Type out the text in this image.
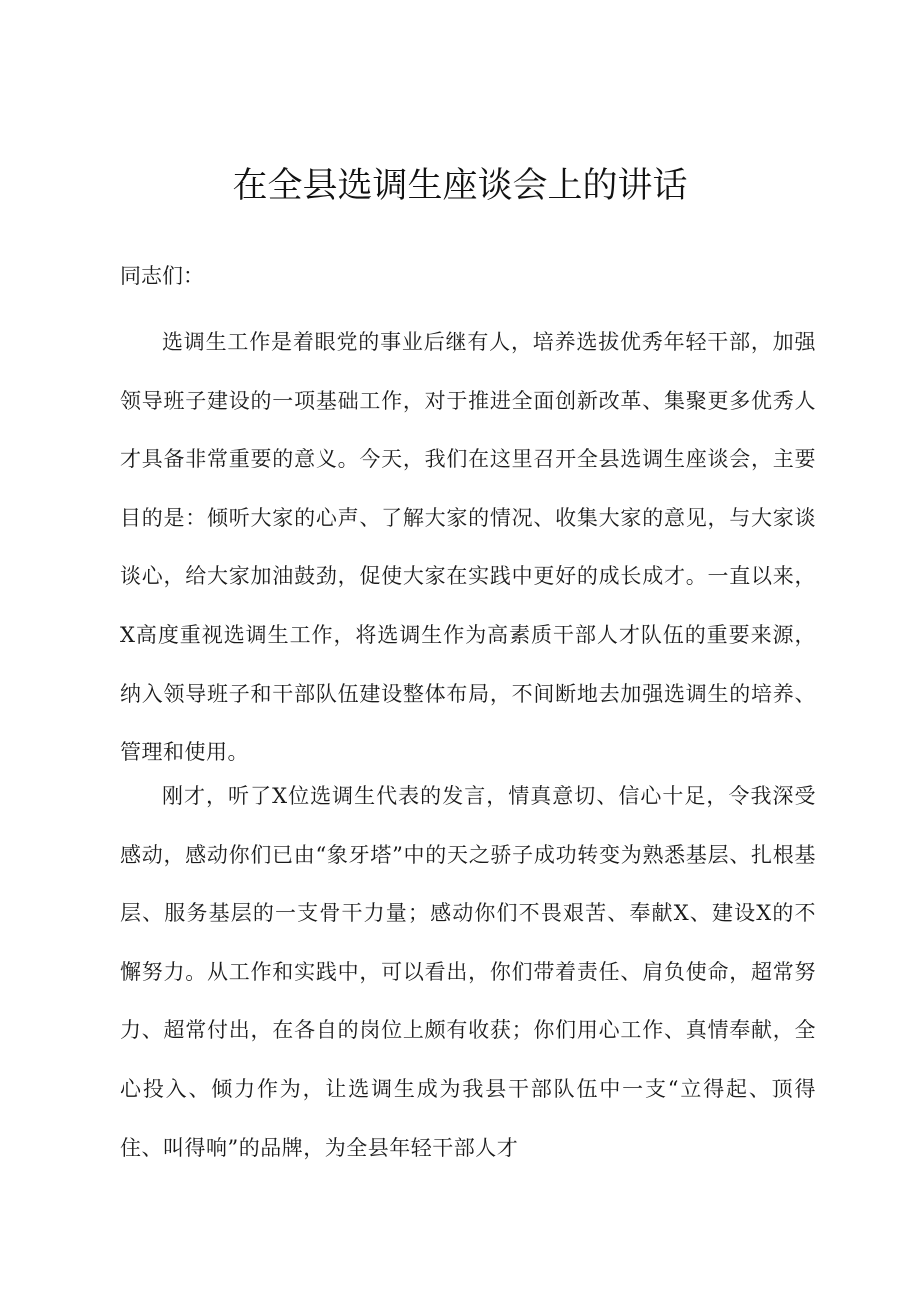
在全县选调生座谈会上的讲话
同志们：

选调生工作是着眼党的事业后继有人，培养选拔优秀年轻干部，加强领导班子建设的一项基础工作，对于推进全面创新改革、集聚更多优秀人才具备非常重要的意义。今天，我们在这里召开全县选调生座谈会，主要目的是：倾听大家的心声、了解大家的情况、收集大家的意见，与大家谈谈心，给大家加油鼓劲，促使大家在实践中更好的成长成才。一直以来，X高度重视选调生工作，将选调生作为高素质干部人才队伍的重要来源，纳入领导班子和干部队伍建设整体布局，不间断地去加强选调生的培养、管理和使用。

刚才，听了X位选调生代表的发言，情真意切、信心十足，令我深受感动，感动你们已由“象牙塔”中的天之骄子成功转变为熟悉基层、扎根基层、服务基层的一支骨干力量；感动你们不畏艰苦、奉献X、建设X的不懈努力。从工作和实践中，可以看出，你们带着责任、肩负使命，超常努力、超常付出，在各自的岗位上颇有收获；你们用心工作、真情奉献，全心投入、倾力作为，让选调生成为我县干部队伍中一支“立得起、顶得住、叫得响”的品牌，为全县年轻干部人才
